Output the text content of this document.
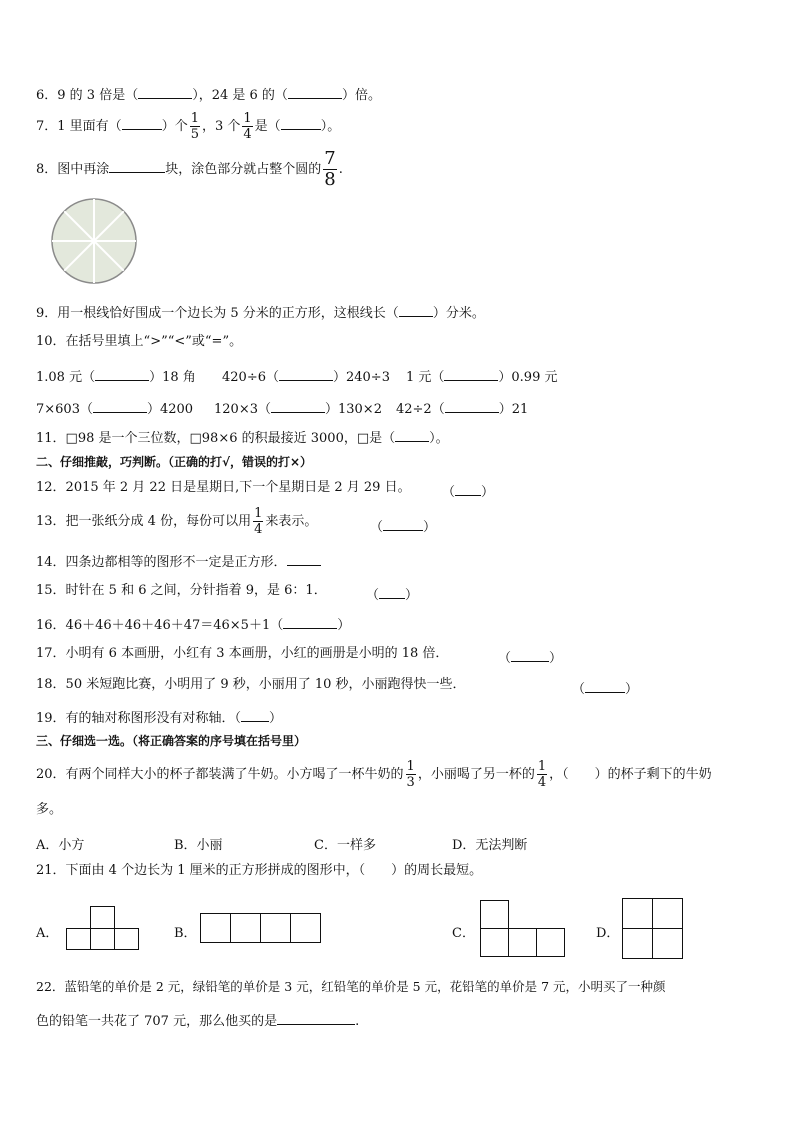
6．9 的 3 倍是（	），24 是 6 的（	）倍。
7．1 里面有（	）个 $\frac{1}{5}$ ，3 个 $\frac{1}{4}$ 是（	）。
8．图中再涂	块，涂色部分就占整个圆的 $\frac{7}{8}$ .
9．用一根线恰好围成一个边长为 5 分米的正方形，这根线长（	）分米。
10．在括号里填上“>”“<”或“=”。
1.08 元（	）18 角 420÷6（	）240÷3 1 元（	）0.99 元
7×603（	）4200 120×3（	）130×2 42÷2（	）21
11．□98 是一个三位数，□98×6 的积最接近 3000，□是（	）。
二、仔细推敲，巧判断。（正确的打√，错误的打×）
12．2015 年 2 月 22 日是星期日,下一个星期日是 2 月 29 日。 （ ）
13．把一张纸分成 4 份，每份可以用 $\frac{1}{4}$ 来表示。	（	）
14．四条边都相等的图形不一定是正方形．
15．时针在 5 和 6 之间，分针指着 9，是 6：1．	（ ）
16．46＋46＋46＋46＋47＝46×5＋1（	）
17．小明有 6 本画册，小红有 3 本画册，小红的画册是小明的 18 倍．	（	）
18．50 米短跑比赛，小明用了 9 秒，小丽用了 10 秒，小丽跑得快一些．	（	）
19．有的轴对称图形没有对称轴．（ ）
三、仔细选一选。（将正确答案的序号填在括号里）
20．有两个同样大小的杯子都装满了牛奶。小方喝了一杯牛奶的 $\frac{1}{3}$ ，小丽喝了另一杯的 $\frac{1}{4}$ ，（　　）的杯子剩下的牛奶
多。
A．小方	B．小丽	C．一样多	D．无法判断
21．下面由 4 个边长为 1 厘米的正方形拼成的图形中，（　　）的周长最短。
A．	B．	C．	D．
22．蓝铅笔的单价是 2 元，绿铅笔的单价是 3 元，红铅笔的单价是 5 元，花铅笔的单价是 7 元，小明买了一种颜
色的铅笔一共花了 707 元，那么他买的是	.
